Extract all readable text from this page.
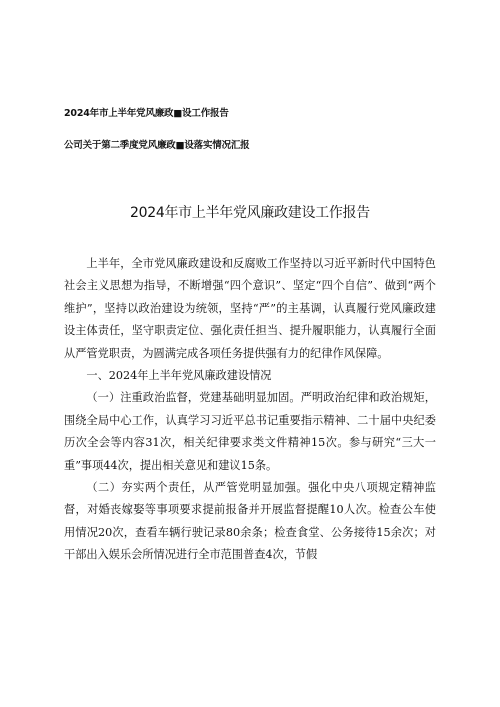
2024年市上半年党风廉政■设工作报告
公司关于第二季度党风廉政■设落实情况汇报
2024年市上半年党风廉政建设工作报告

上半年，全市党风廉政建设和反腐败工作坚持以习近平新时代中国特色社会主义思想为指导，不断增强“四个意识”、坚定“四个自信”、做到“两个维护”，坚持以政治建设为统领，坚持“严”的主基调，认真履行党风廉政建设主体责任，坚守职责定位、强化责任担当、提升履职能力，认真履行全面从严管党职责，为圆满完成各项任务提供强有力的纪律作风保障。

一、2024年上半年党风廉政建设情况

（一）注重政治监督，党建基础明显加固。严明政治纪律和政治规矩，围绕全局中心工作，认真学习习近平总书记重要指示精神、二十届中央纪委历次全会等内容31次，相关纪律要求类文件精神15次。参与研究“三大一重”事项44次，提出相关意见和建议15条。

（二）夯实两个责任，从严管党明显加强。强化中央八项规定精神监督，对婚丧嫁娶等事项要求提前报备并开展监督提醒10人次。检查公车使用情况20次，查看车辆行驶记录80余条；检查食堂、公务接待15余次；对干部出入娱乐会所情况进行全市范围普查4次，节假
